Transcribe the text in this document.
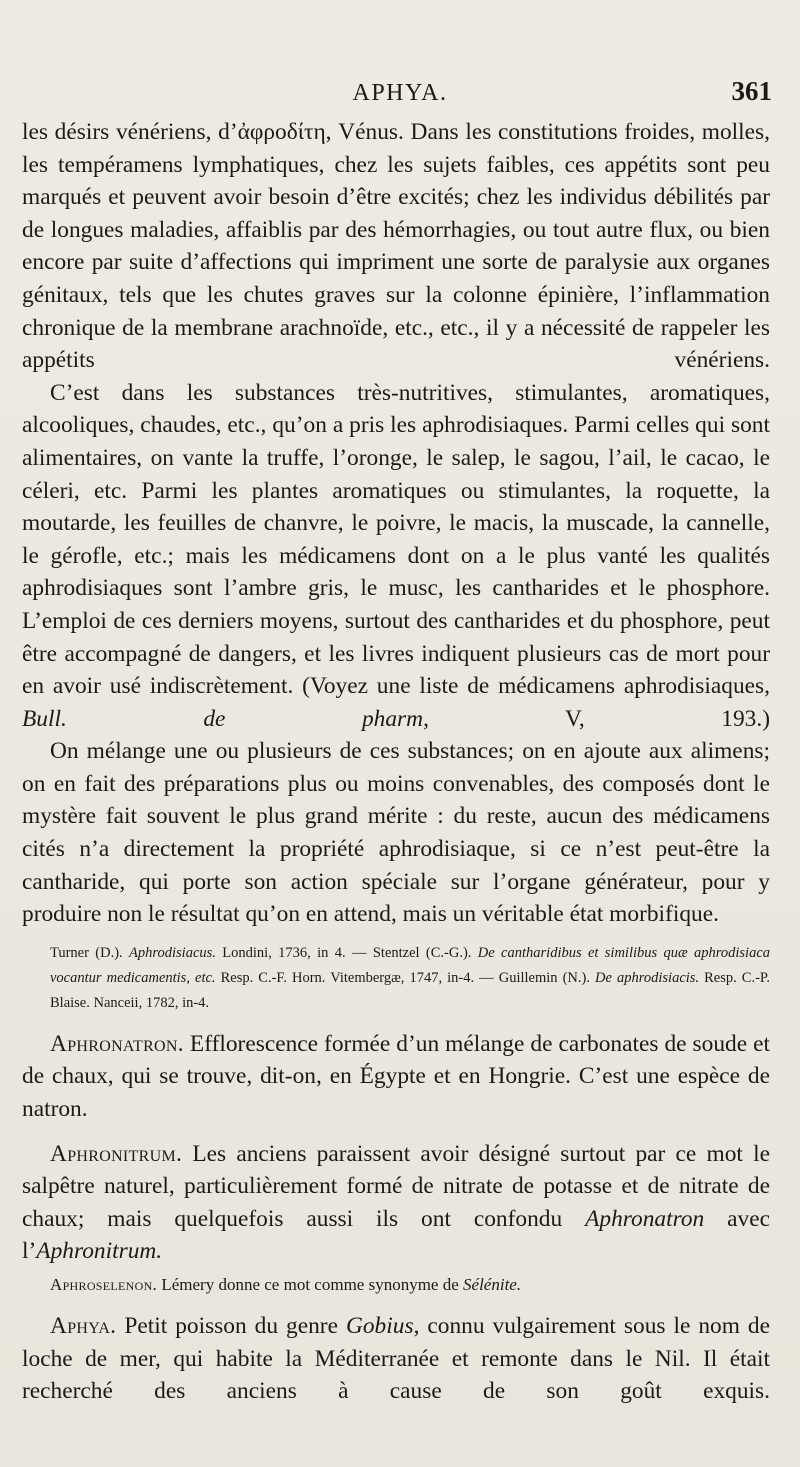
APHYA.	361

les désirs vénériens, d’ἀφροδίτη, Vénus. Dans les constitutions froides, molles, les tempéramens lymphatiques, chez les sujets faibles, ces appétits sont peu marqués et peuvent avoir besoin d’être excités; chez les individus débilités par de longues maladies, affaiblis par des hémorrhagies, ou tout autre flux, ou bien encore par suite d’affections qui impriment une sorte de paralysie aux organes génitaux, tels que les chutes graves sur la colonne épinière, l’inflammation chronique de la membrane arachnoïde, etc., etc., il y a nécessité de rappeler les appétits vénériens.

C’est dans les substances très-nutritives, stimulantes, aromatiques, alcooliques, chaudes, etc., qu’on a pris les aphrodisiaques. Parmi celles qui sont alimentaires, on vante la truffe, l’oronge, le salep, le sagou, l’ail, le cacao, le céleri, etc. Parmi les plantes aromatiques ou stimulantes, la roquette, la moutarde, les feuilles de chanvre, le poivre, le macis, la muscade, la cannelle, le gérofle, etc.; mais les médicamens dont on a le plus vanté les qualités aphrodisiaques sont l’ambre gris, le musc, les cantharides et le phosphore. L’emploi de ces derniers moyens, surtout des cantharides et du phosphore, peut être accompagné de dangers, et les livres indiquent plusieurs cas de mort pour en avoir usé indiscrètement. (Voyez une liste de médicamens aphrodisiaques, Bull. de pharm, V, 193.)

On mélange une ou plusieurs de ces substances; on en ajoute aux alimens; on en fait des préparations plus ou moins convenables, des composés dont le mystère fait souvent le plus grand mérite : du reste, aucun des médicamens cités n’a directement la propriété aphrodisiaque, si ce n’est peut-être la cantharide, qui porte son action spéciale sur l’organe générateur, pour y produire non le résultat qu’on en attend, mais un véritable état morbifique.

Turner (D.). Aphrodisiacus. Londini, 1736, in 4. — Stentzel (C.-G.). De cantharidibus et similibus quæ aphrodisiaca vocantur medicamentis, etc. Resp. C.-F. Horn. Vitembergæ, 1747, in-4. — Guillemin (N.). De aphrodisiacis. Resp. C.-P. Blaise. Nanceii, 1782, in-4.

Aphronatron. Efflorescence formée d’un mélange de carbonates de soude et de chaux, qui se trouve, dit-on, en Égypte et en Hongrie. C’est une espèce de natron.

Aphronitrum. Les anciens paraissent avoir désigné surtout par ce mot le salpêtre naturel, particulièrement formé de nitrate de potasse et de nitrate de chaux; mais quelquefois aussi ils ont confondu Aphronatron avec l’Aphronitrum.

Aphroselenon. Lémery donne ce mot comme synonyme de Sélénite.

Aphya. Petit poisson du genre Gobius, connu vulgairement sous le nom de loche de mer, qui habite la Méditerranée et remonte dans le Nil. Il était recherché des anciens à cause de son goût exquis.
